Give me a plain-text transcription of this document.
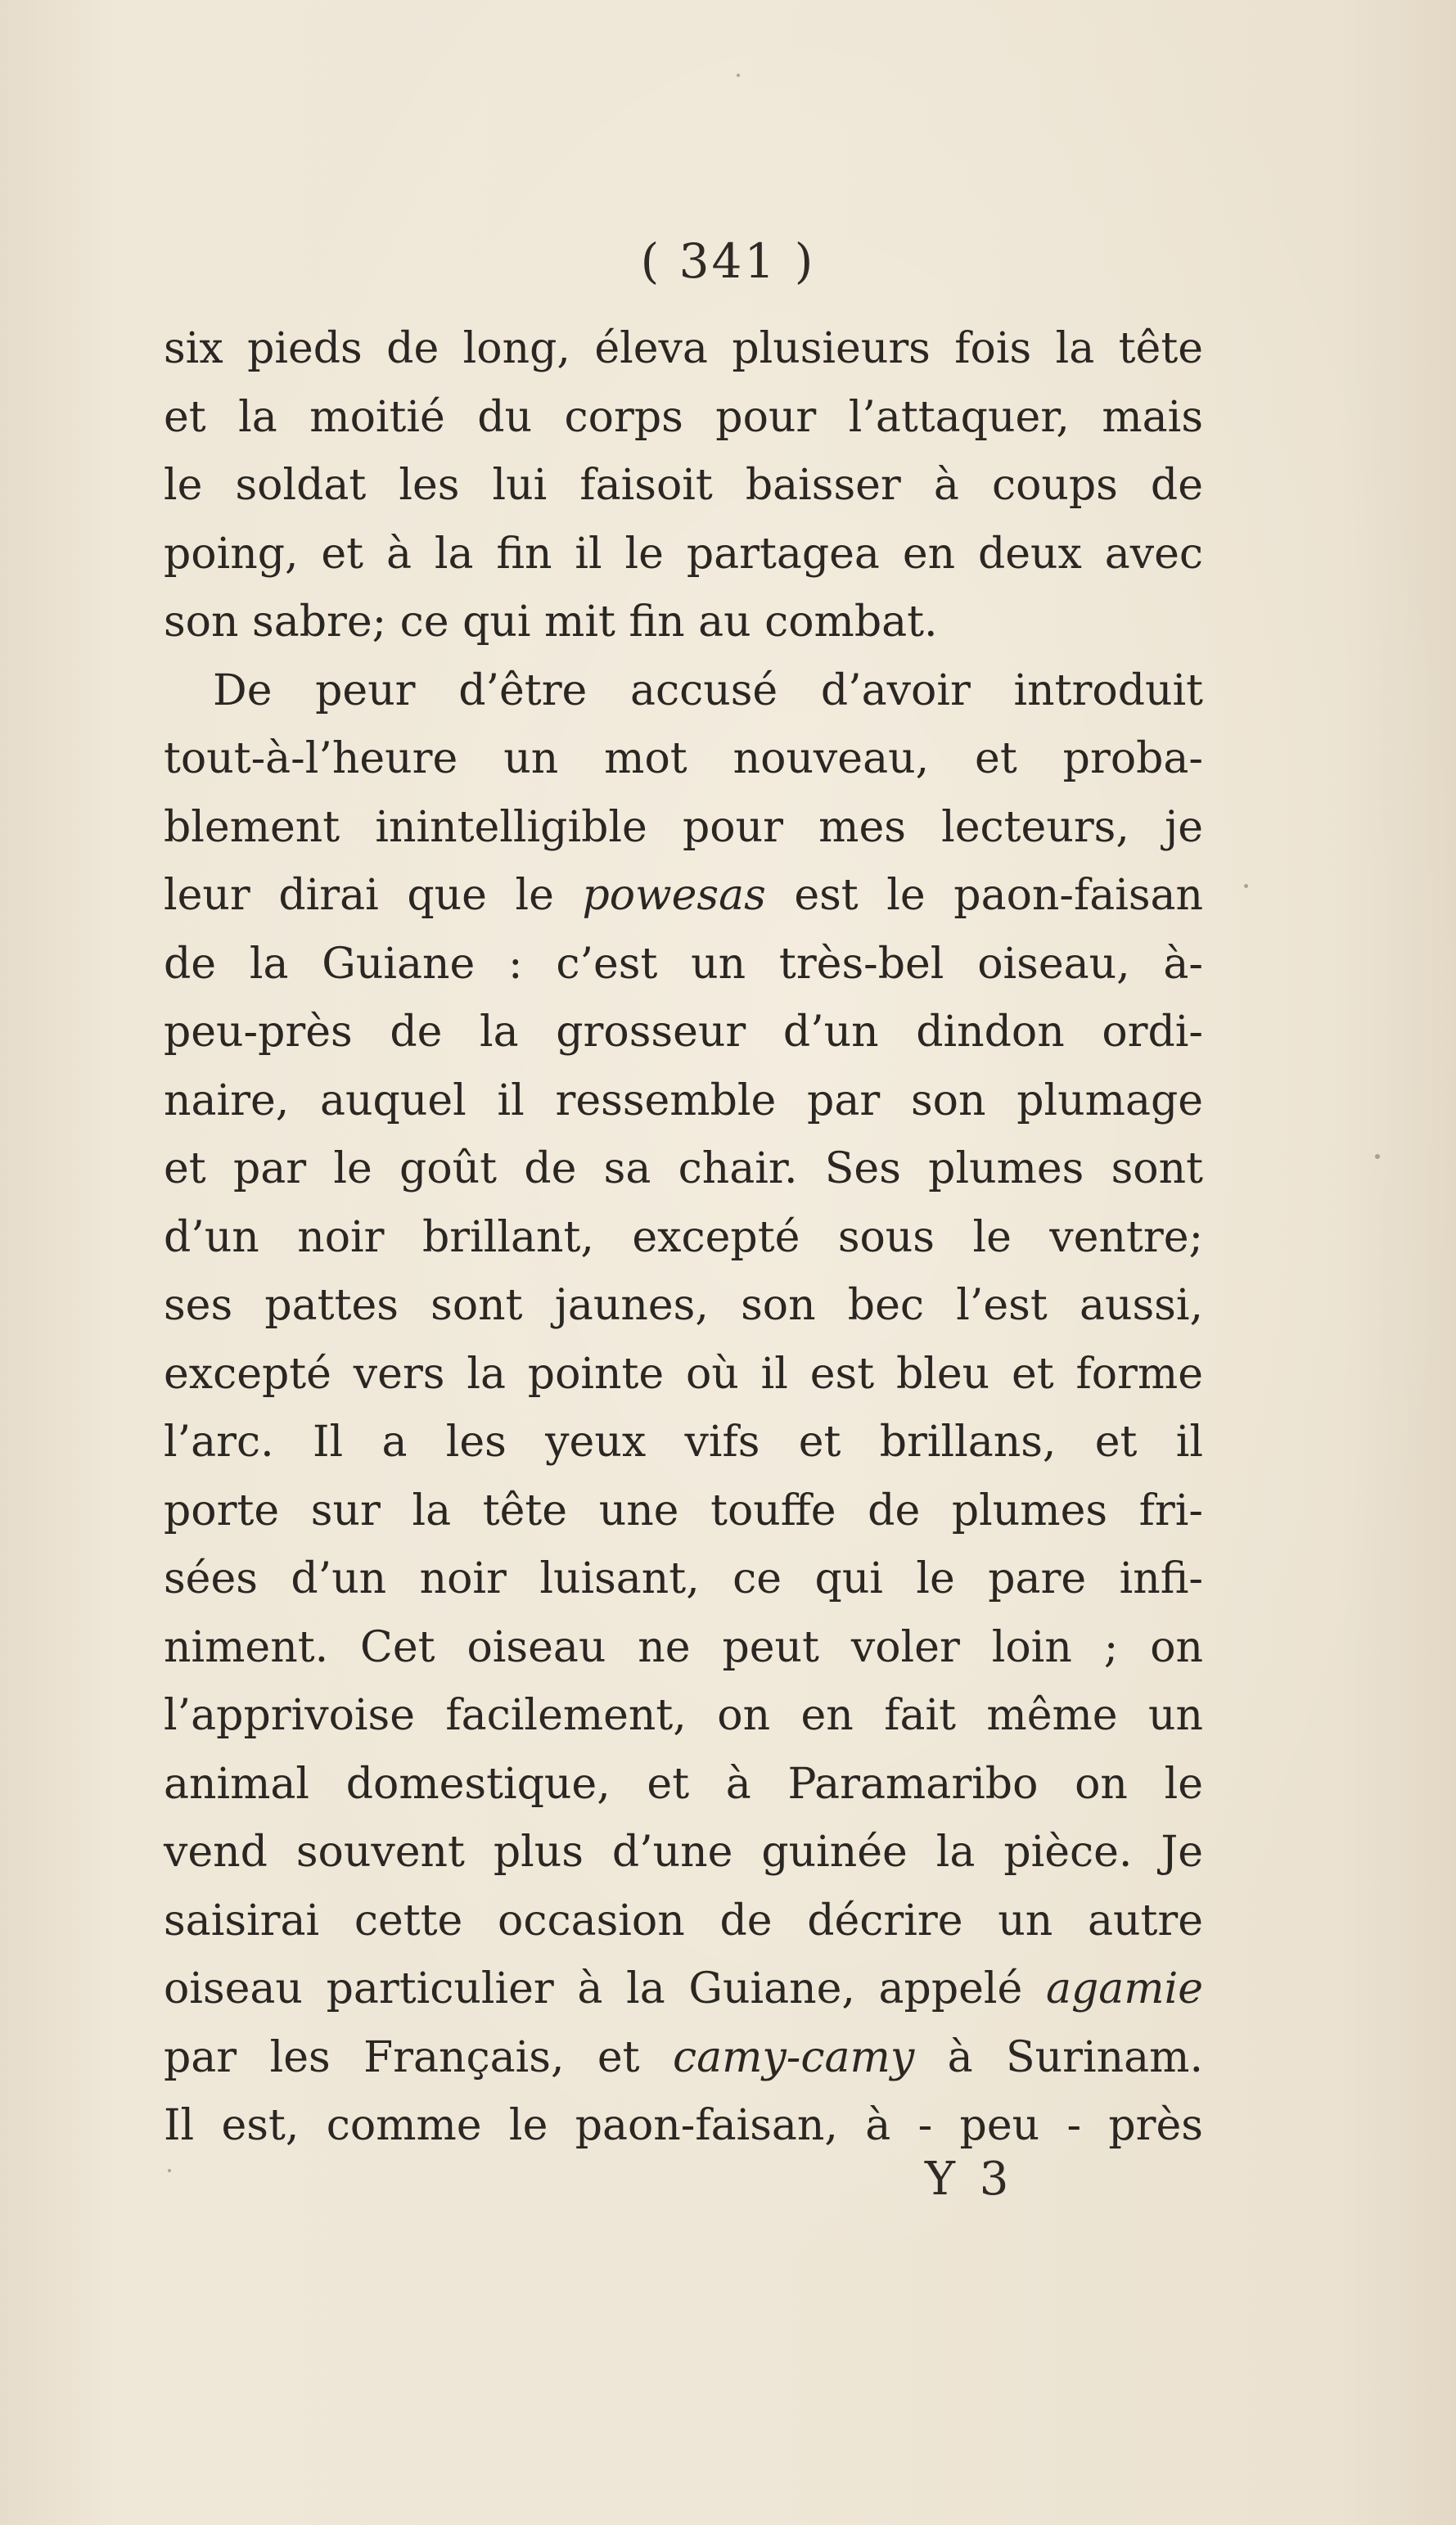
( 341 )
six pieds de long, éleva plusieurs fois la tête
et la moitié du corps pour l’attaquer, mais
le soldat les lui faisoit baisser à coups de
poing, et à la fin il le partagea en deux avec
son sabre; ce qui mit fin au combat.
De peur d’être accusé d’avoir introduit
tout-à-l’heure un mot nouveau, et proba-
blement inintelligible pour mes lecteurs, je
leur dirai que le powesas est le paon-faisan
de la Guiane : c’est un très-bel oiseau, à-
peu-près de la grosseur d’un dindon ordi-
naire, auquel il ressemble par son plumage
et par le goût de sa chair. Ses plumes sont
d’un noir brillant, excepté sous le ventre;
ses pattes sont jaunes, son bec l’est aussi,
excepté vers la pointe où il est bleu et forme
l’arc. Il a les yeux vifs et brillans, et il
porte sur la tête une touffe de plumes fri-
sées d’un noir luisant, ce qui le pare infi-
niment. Cet oiseau ne peut voler loin ; on
l’apprivoise facilement, on en fait même un
animal domestique, et à Paramaribo on le
vend souvent plus d’une guinée la pièce. Je
saisirai cette occasion de décrire un autre
oiseau particulier à la Guiane, appelé agamie
par les Français, et camy-camy à Surinam.
Il est, comme le paon-faisan, à - peu - près
Y 3
